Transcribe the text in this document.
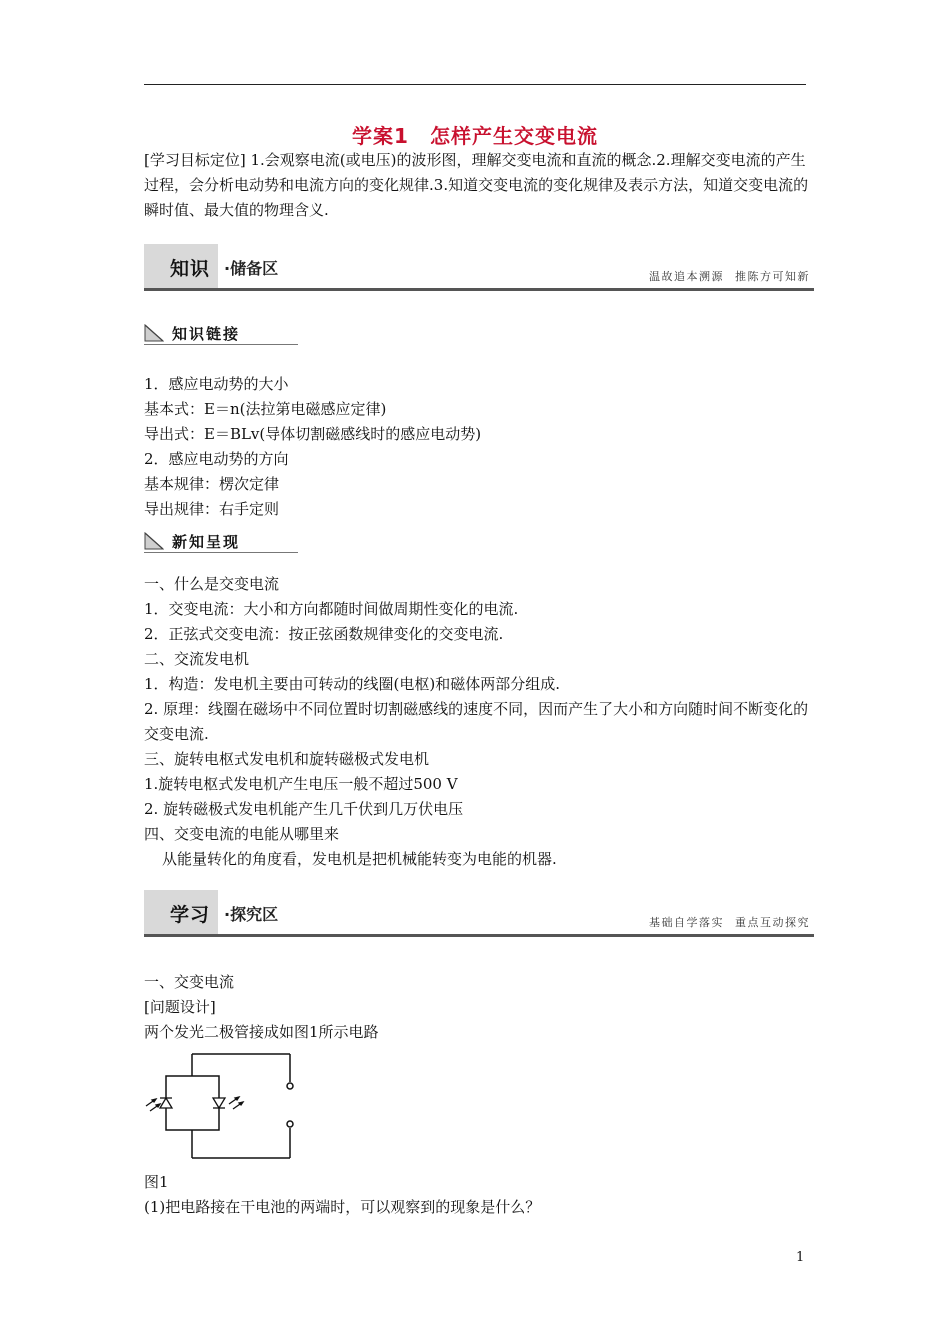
学案1　怎样产生交变电流
[学习目标定位] 1.会观察电流(或电压)的波形图，理解交变电流和直流的概念.2.理解交变电流的产生过程，会分析电动势和电流方向的变化规律.3.知道交变电流的变化规律及表示方法，知道交变电流的瞬时值、最大值的物理含义.
知识 ·储备区	温故追本溯源 推陈方可知新
知识链接
1．感应电动势的大小
基本式：E＝n(法拉第电磁感应定律)
导出式：E＝BLv(导体切割磁感线时的感应电动势)
2．感应电动势的方向
基本规律：楞次定律
导出规律：右手定则
新知呈现
一、什么是交变电流
1．交变电流：大小和方向都随时间做周期性变化的电流.
2．正弦式交变电流：按正弦函数规律变化的交变电流.
二、交流发电机
1．构造：发电机主要由可转动的线圈(电枢)和磁体两部分组成.
2. 原理：线圈在磁场中不同位置时切割磁感线的速度不同，因而产生了大小和方向随时间不断变化的交变电流.
三、旋转电枢式发电机和旋转磁极式发电机
1.旋转电枢式发电机产生电压一般不超过500 V
2. 旋转磁极式发电机能产生几千伏到几万伏电压
四、交变电流的电能从哪里来
从能量转化的角度看，发电机是把机械能转变为电能的机器.
学习 ·探究区	基础自学落实 重点互动探究
一、交变电流
[问题设计]
两个发光二极管接成如图1所示电路
图1
(1)把电路接在干电池的两端时，可以观察到的现象是什么？
1
